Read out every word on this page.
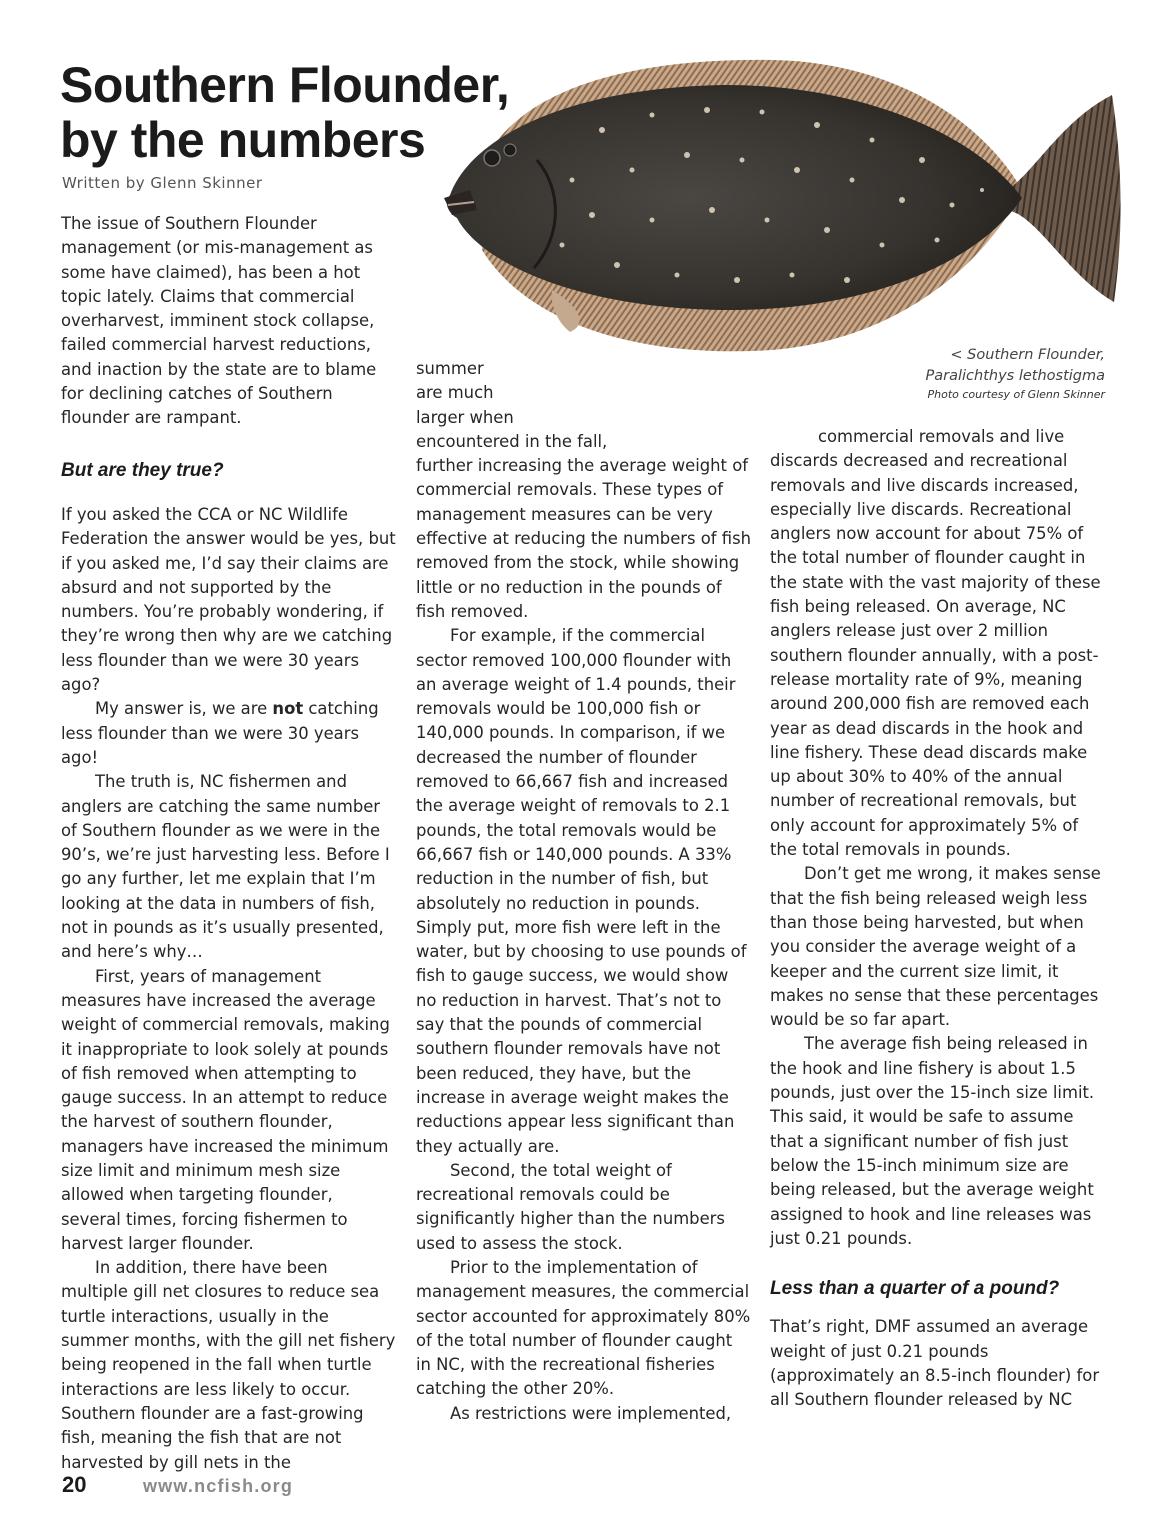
Southern Flounder,
by the numbers
Written by Glenn Skinner
< Southern Flounder,
Paralichthys lethostigma
Photo courtesy of Glenn Skinner

The issue of Southern Flounder management (or mis-management as some have claimed), has been a hot topic lately. Claims that commercial overharvest, imminent stock collapse, failed commercial harvest reductions, and inaction by the state are to blame for declining catches of Southern flounder are rampant.

But are they true?

If you asked the CCA or NC Wildlife Federation the answer would be yes, but if you asked me, I’d say their claims are absurd and not supported by the numbers. You’re probably wondering, if they’re wrong then why are we catching less flounder than we were 30 years ago?

My answer is, we are not catching less flounder than we were 30 years ago!

The truth is, NC fishermen and anglers are catching the same number of Southern flounder as we were in the 90’s, we’re just harvesting less. Before I go any further, let me explain that I’m looking at the data in numbers of fish, not in pounds as it’s usually presented, and here’s why…

First, years of management measures have increased the average weight of commercial removals, making it inappropriate to look solely at pounds of fish removed when attempting to gauge success. In an attempt to reduce the harvest of southern flounder, managers have increased the minimum size limit and minimum mesh size allowed when targeting flounder, several times, forcing fishermen to harvest larger flounder.

In addition, there have been multiple gill net closures to reduce sea turtle interactions, usually in the summer months, with the gill net fishery being reopened in the fall when turtle interactions are less likely to occur. Southern flounder are a fast-growing fish, meaning the fish that are not harvested by gill nets in the

summer

are much

larger when

encountered in the fall,

further increasing the average weight of commercial removals. These types of management measures can be very effective at reducing the numbers of fish removed from the stock, while showing little or no reduction in the pounds of fish removed.

For example, if the commercial sector removed 100,000 flounder with an average weight of 1.4 pounds, their removals would be 100,000 fish or 140,000 pounds. In comparison, if we decreased the number of flounder removed to 66,667 fish and increased the average weight of removals to 2.1 pounds, the total removals would be 66,667 fish or 140,000 pounds. A 33% reduction in the number of fish, but absolutely no reduction in pounds. Simply put, more fish were left in the water, but by choosing to use pounds of fish to gauge success, we would show no reduction in harvest. That’s not to say that the pounds of commercial southern flounder removals have not been reduced, they have, but the increase in average weight makes the reductions appear less significant than they actually are.

Second, the total weight of recreational removals could be significantly higher than the numbers used to assess the stock.

Prior to the implementation of management measures, the commercial sector accounted for approximately 80% of the total number of flounder caught in NC, with the recreational fisheries catching the other 20%.

As restrictions were implemented,

commercial removals and live discards decreased and recreational removals and live discards increased, especially live discards. Recreational anglers now account for about 75% of the total number of flounder caught in the state with the vast majority of these fish being released. On average, NC anglers release just over 2 million southern flounder annually, with a post-release mortality rate of 9%, meaning around 200,000 fish are removed each year as dead discards in the hook and line fishery. These dead discards make up about 30% to 40% of the annual number of recreational removals, but only account for approximately 5% of the total removals in pounds.

Don’t get me wrong, it makes sense that the fish being released weigh less than those being harvested, but when you consider the average weight of a keeper and the current size limit, it makes no sense that these percentages would be so far apart.

The average fish being released in the hook and line fishery is about 1.5 pounds, just over the 15-inch size limit. This said, it would be safe to assume that a significant number of fish just below the 15-inch minimum size are being released, but the average weight assigned to hook and line releases was just 0.21 pounds.

Less than a quarter of a pound?

That’s right, DMF assumed an average weight of just 0.21 pounds (approximately an 8.5-inch flounder) for all Southern flounder released by NC

20	www.ncfish.org
